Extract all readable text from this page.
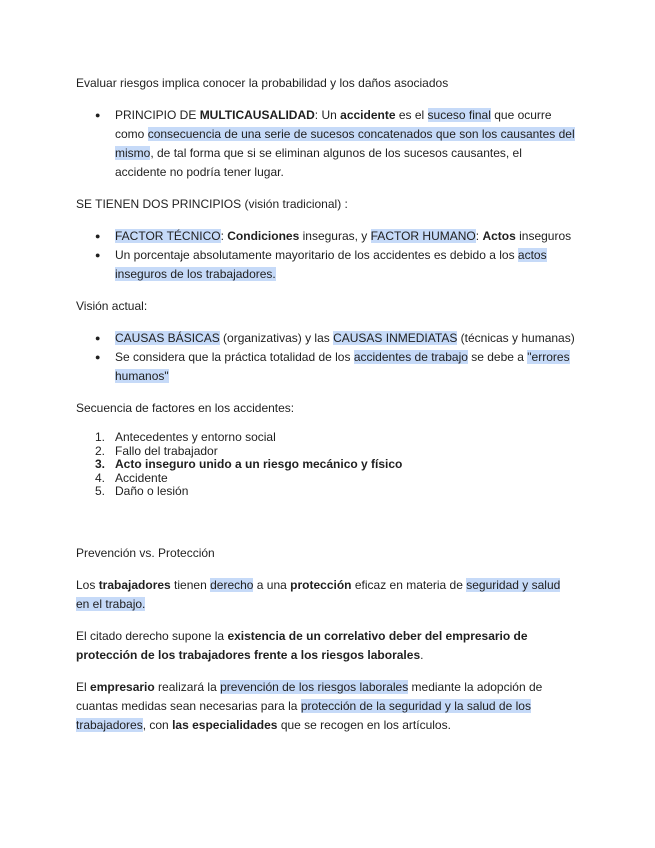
Evaluar riesgos implica conocer la probabilidad y los daños asociados

● PRINCIPIO DE MULTICAUSALIDAD: Un accidente es el suceso final que ocurre como consecuencia de una serie de sucesos concatenados que son los causantes del mismo, de tal forma que si se eliminan algunos de los sucesos causantes, el accidente no podría tener lugar.

SE TIENEN DOS PRINCIPIOS (visión tradicional) :

● FACTOR TÉCNICO: Condiciones inseguras, y FACTOR HUMANO: Actos inseguros
● Un porcentaje absolutamente mayoritario de los accidentes es debido a los actos inseguros de los trabajadores.

Visión actual:

● CAUSAS BÁSICAS (organizativas) y las CAUSAS INMEDIATAS (técnicas y humanas)
● Se considera que la práctica totalidad de los accidentes de trabajo se debe a "errores humanos"

Secuencia de factores en los accidentes:

1. Antecedentes y entorno social
2. Fallo del trabajador
3. Acto inseguro unido a un riesgo mecánico y físico
4. Accidente
5. Daño o lesión

Prevención vs. Protección

Los trabajadores tienen derecho a una protección eficaz en materia de seguridad y salud en el trabajo.

El citado derecho supone la existencia de un correlativo deber del empresario de protección de los trabajadores frente a los riesgos laborales.

El empresario realizará la prevención de los riesgos laborales mediante la adopción de cuantas medidas sean necesarias para la protección de la seguridad y la salud de los trabajadores, con las especialidades que se recogen en los artículos.
